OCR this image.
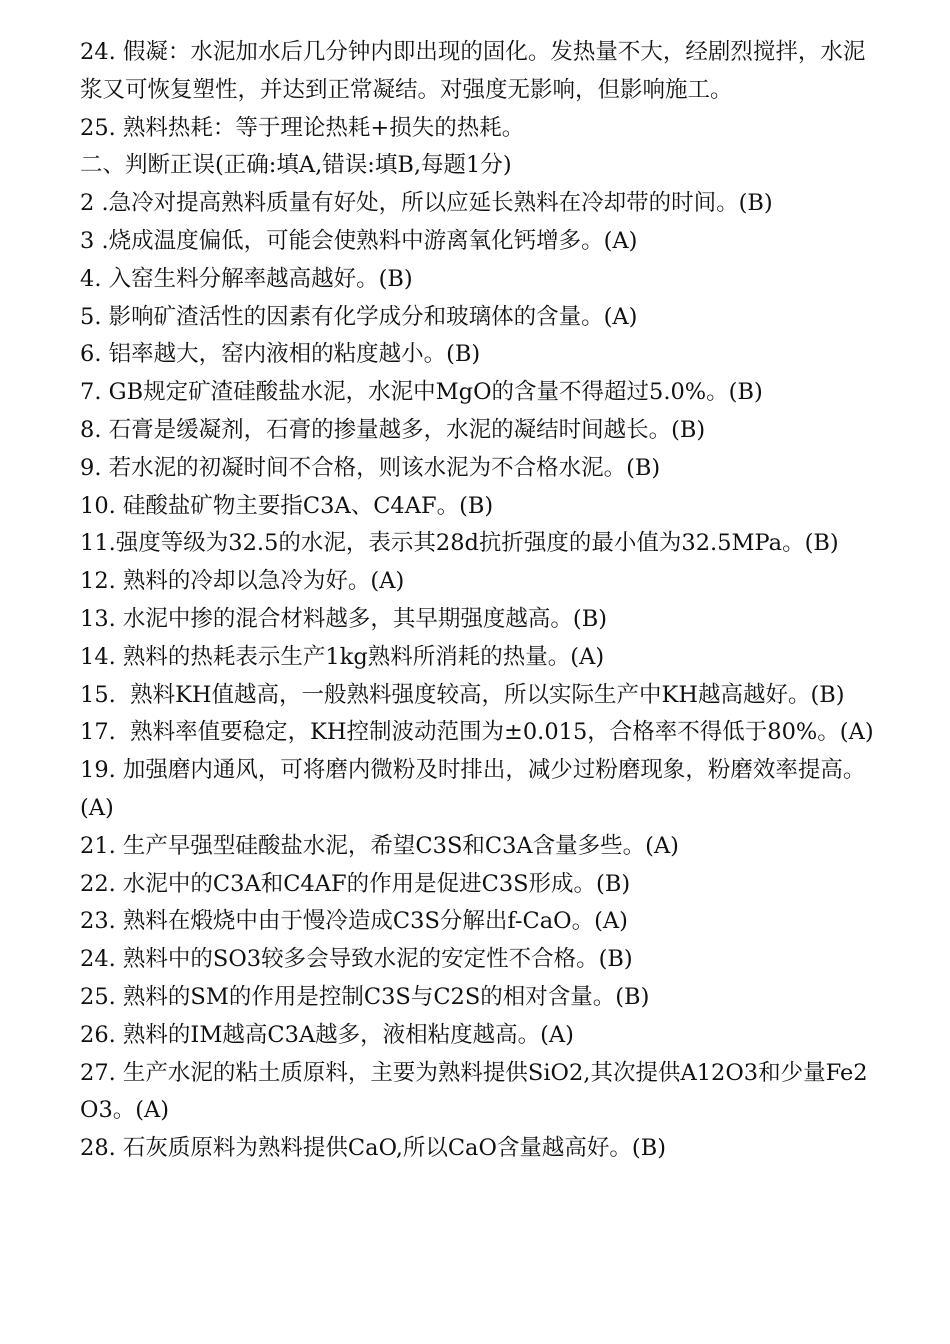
24. 假凝：水泥加水后几分钟内即出现的固化。发热量不大，经剧烈搅拌，水泥浆又可恢复塑性，并达到正常凝结。对强度无影响，但影响施工。

25. 熟料热耗：等于理论热耗+损失的热耗。

二、判断正误(正确:填A,错误:填B,每题1分)

2 .急冷对提高熟料质量有好处，所以应延长熟料在冷却带的时间。(B)

3 .烧成温度偏低，可能会使熟料中游离氧化钙增多。(A)

4. 入窑生料分解率越高越好。(B)

5. 影响矿渣活性的因素有化学成分和玻璃体的含量。(A)

6. 铝率越大，窑内液相的粘度越小。(B)

7. GB规定矿渣硅酸盐水泥，水泥中MgO的含量不得超过5.0%。(B)

8. 石膏是缓凝剂，石膏的掺量越多，水泥的凝结时间越长。(B)

9. 若水泥的初凝时间不合格，则该水泥为不合格水泥。(B)

10. 硅酸盐矿物主要指C3A、C4AF。(B)

11.强度等级为32.5的水泥，表示其28d抗折强度的最小值为32.5MPa。(B)

12. 熟料的冷却以急冷为好。(A)

13. 水泥中掺的混合材料越多，其早期强度越高。(B)

14. 熟料的热耗表示生产1kg熟料所消耗的热量。(A)

15.  熟料KH值越高，一般熟料强度较高，所以实际生产中KH越高越好。(B)

17.  熟料率值要稳定，KH控制波动范围为±0.015，合格率不得低于80%。(A)19. 加强磨内通风，可将磨内微粉及时排出，减少过粉磨现象，粉磨效率提高。(A)

21. 生产早强型硅酸盐水泥，希望C3S和C3A含量多些。(A)

22. 水泥中的C3A和C4AF的作用是促进C3S形成。(B)

23. 熟料在煅烧中由于慢冷造成C3S分解出f-CaO。(A)

24. 熟料中的SO3较多会导致水泥的安定性不合格。(B)

25. 熟料的SM的作用是控制C3S与C2S的相对含量。(B)

26. 熟料的IM越高C3A越多，液相粘度越高。(A)

27. 生产水泥的粘土质原料，主要为熟料提供SiO2,其次提供A12O3和少量Fe2O3。(A)

28. 石灰质原料为熟料提供CaO,所以CaO含量越高好。(B)
